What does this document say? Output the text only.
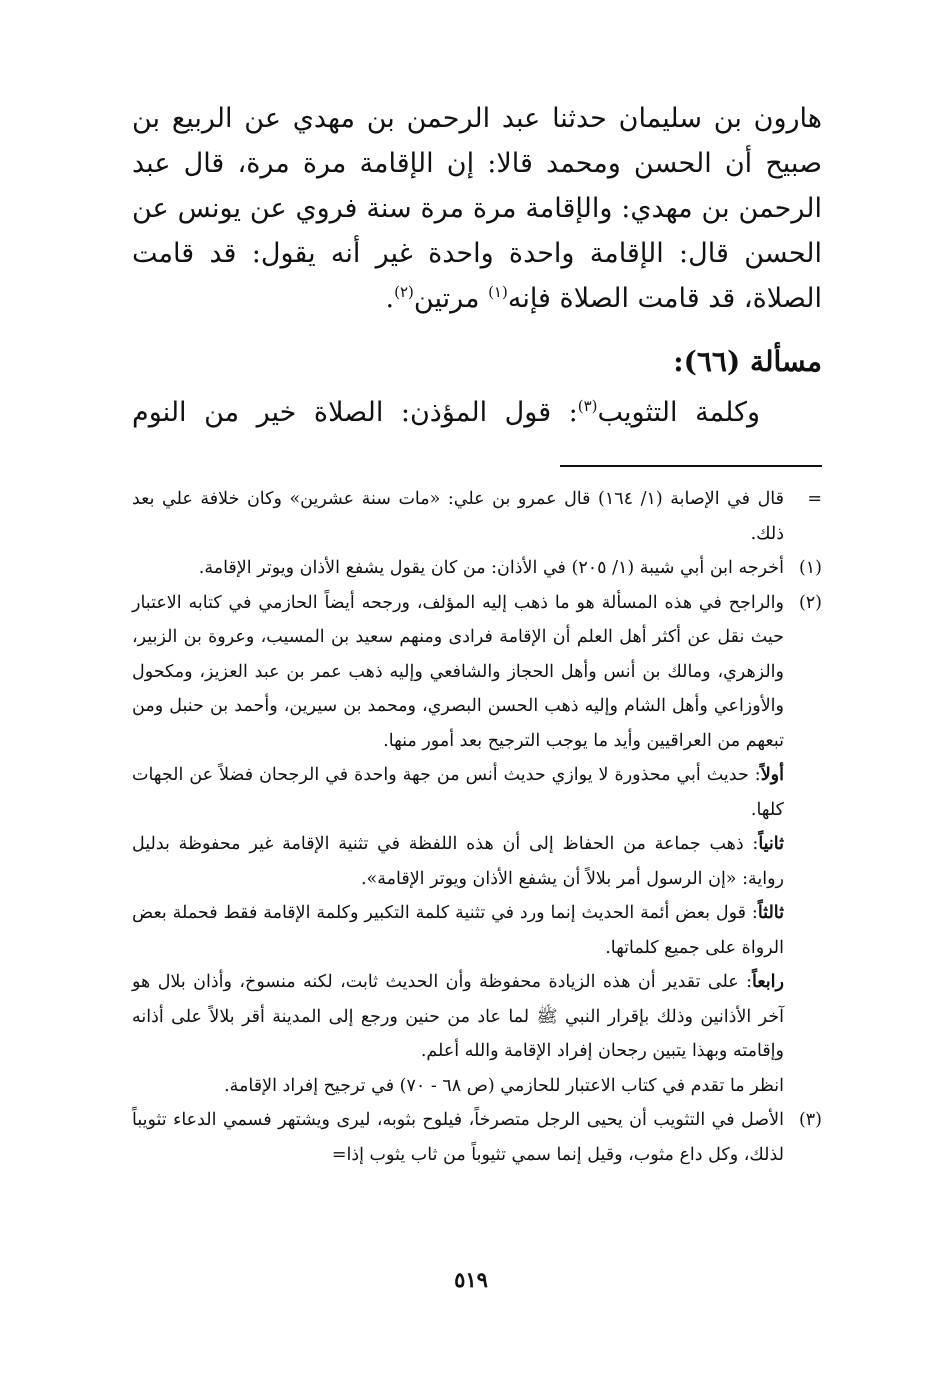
هارون بن سليمان حدثنا عبد الرحمن بن مهدي عن الربيع بن صبيح أن الحسن ومحمد قالا: إن الإقامة مرة مرة، قال عبد الرحمن بن مهدي: والإقامة مرة مرة سنة فروي عن يونس عن الحسن قال: الإقامة واحدة واحدة غير أنه يقول: قد قامت الصلاة، قد قامت الصلاة فإنه$^{(١)}$ مرتين$^{(٢)}$.

مسألة (٦٦):
وكلمة التثويب$^{(٣)}$: قول المؤذن: الصلاة خير من النوم
=
قال في الإصابة (١/ ١٦٤) قال عمرو بن علي: «مات سنة عشرين» وكان خلافة علي بعد ذلك.
(١)
أخرجه ابن أبي شيبة (١/ ٢٠٥) في الأذان: من كان يقول يشفع الأذان ويوتر الإقامة.
(٢)

والراجح في هذه المسألة هو ما ذهب إليه المؤلف، ورجحه أيضاً الحازمي في كتابه الاعتبار حيث نقل عن أكثر أهل العلم أن الإقامة فرادى ومنهم سعيد بن المسيب، وعروة بن الزبير، والزهري، ومالك بن أنس وأهل الحجاز والشافعي وإليه ذهب عمر بن عبد العزيز، ومكحول والأوزاعي وأهل الشام وإليه ذهب الحسن البصري، ومحمد بن سيرين، وأحمد بن حنبل ومن تبعهم من العراقيين وأيد ما يوجب الترجيح بعد أمور منها.

أولاً: حديث أبي محذورة لا يوازي حديث أنس من جهة واحدة في الرجحان فضلاً عن الجهات كلها.

ثانياً: ذهب جماعة من الحفاظ إلى أن هذه اللفظة في تثنية الإقامة غير محفوظة بدليل رواية: «إن الرسول أمر بلالاً أن يشفع الأذان ويوتر الإقامة».

ثالثاً: قول بعض أئمة الحديث إنما ورد في تثنية كلمة التكبير وكلمة الإقامة فقط فحملة بعض الرواة على جميع كلماتها.

رابعاً: على تقدير أن هذه الزيادة محفوظة وأن الحديث ثابت، لكنه منسوخ، وأذان بلال هو آخر الأذانين وذلك بإقرار النبي ﷺ لما عاد من حنين ورجع إلى المدينة أقر بلالاً على أذانه وإقامته وبهذا يتبين رجحان إفراد الإقامة والله أعلم.

انظر ما تقدم في كتاب الاعتبار للحازمي (ص ٦٨ - ٧٠) في ترجيح إفراد الإقامة.

(٣)
الأصل في التثويب أن يحيى الرجل متصرخاً، فيلوح بثوبه، ليرى ويشتهر فسمي الدعاء تثويباً لذلك، وكل داع مثوب، وقيل إنما سمي تثيوباً من ثاب يثوب إذا=
٥١٩
